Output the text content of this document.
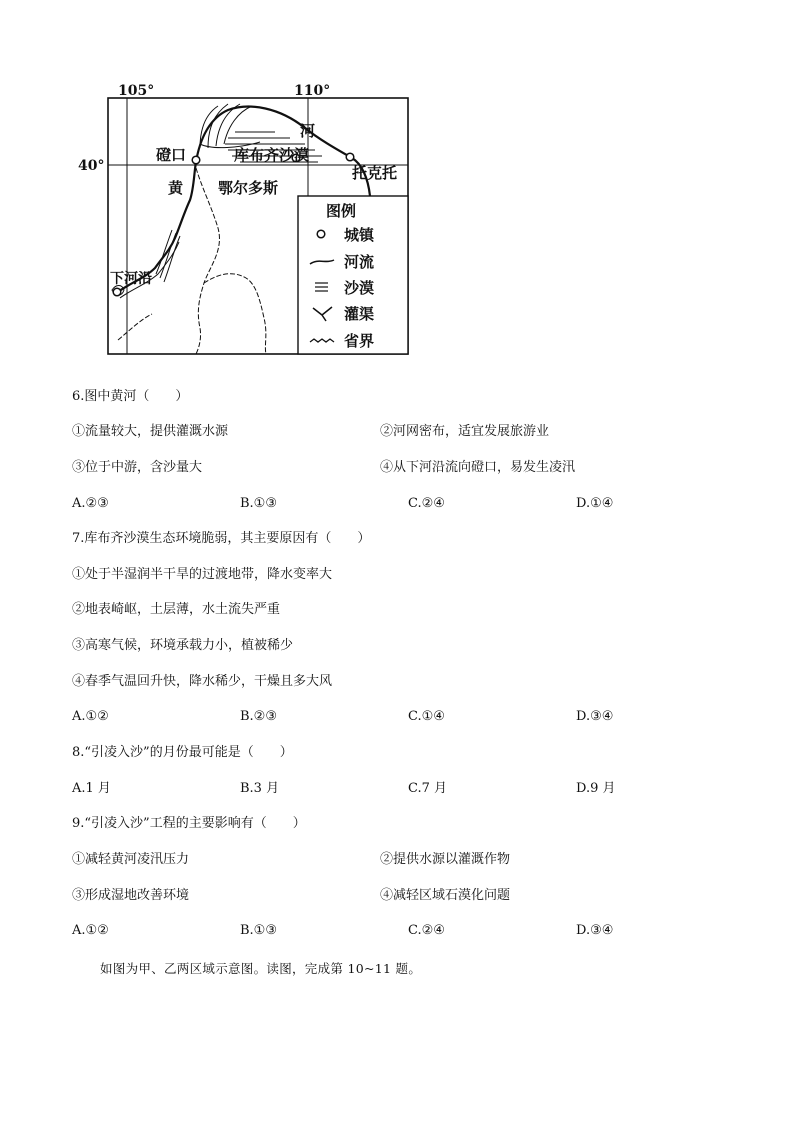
105°	110°
40°
磴口	库布齐沙漠
鄂尔多斯
托克托
下河沿
黄
河
图例
城镇
河流
沙漠
灌渠
省界
6.图中黄河（　　）
①流量较大，提供灌溉水源	②河网密布，适宜发展旅游业
③位于中游，含沙量大	④从下河沿流向磴口，易发生凌汛
A.②③	B.①③	C.②④	D.①④
7.库布齐沙漠生态环境脆弱，其主要原因有（　　）
①处于半湿润半干旱的过渡地带，降水变率大
②地表崎岖，土层薄，水土流失严重
③高寒气候，环境承载力小，植被稀少
④春季气温回升快，降水稀少，干燥且多大风
A.①②	B.②③	C.①④	D.③④
8.“引凌入沙”的月份最可能是（　　）
A.1 月	B.3 月	C.7 月	D.9 月
9.“引凌入沙”工程的主要影响有（　　）
①减轻黄河凌汛压力	②提供水源以灌溉作物
③形成湿地改善环境	④减轻区域石漠化问题
A.①②	B.①③	C.②④	D.③④
如图为甲、乙两区域示意图。读图，完成第 10~11 题。
